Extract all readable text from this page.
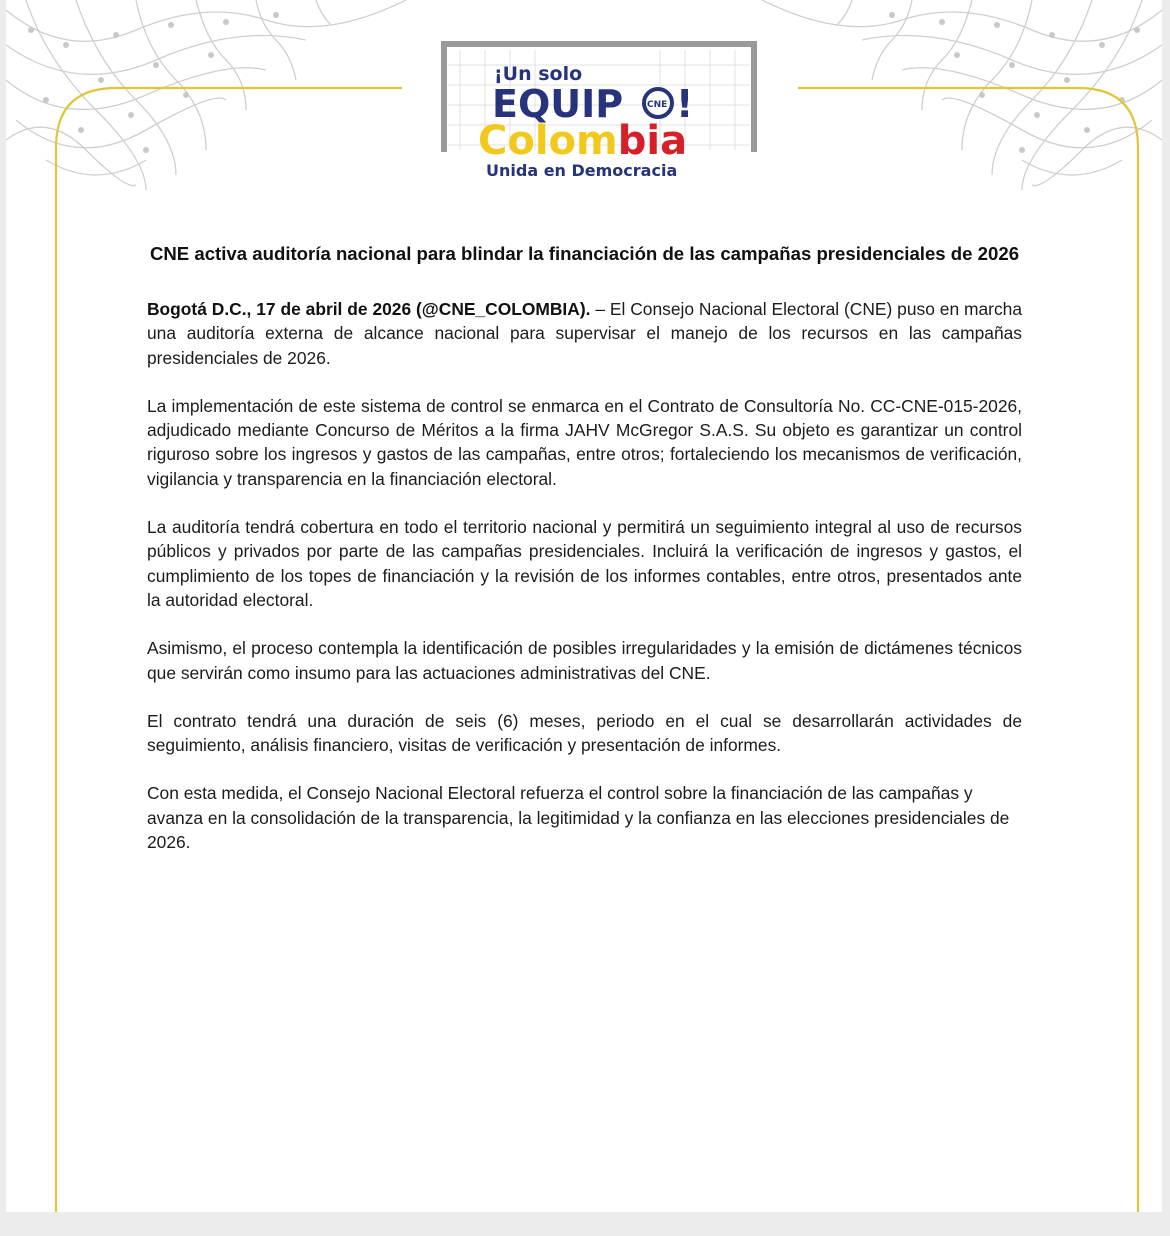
¡Un solo
EQUIP	CNE !
Colombia
Unida en Democracia
CNE activa auditoría nacional para blindar la financiación de las campañas presidenciales de 2026

Bogotá D.C., 17 de abril de 2026 (@CNE_COLOMBIA). – El Consejo Nacional Electoral (CNE) puso en marcha una auditoría externa de alcance nacional para supervisar el manejo de los recursos en las campañas presidenciales de 2026.

La implementación de este sistema de control se enmarca en el Contrato de Consultoría No. CC-CNE-015-2026, adjudicado mediante Concurso de Méritos a la firma JAHV McGregor S.A.S. Su objeto es garantizar un control riguroso sobre los ingresos y gastos de las campañas, entre otros; fortaleciendo los mecanismos de verificación, vigilancia y transparencia en la financiación electoral.

La auditoría tendrá cobertura en todo el territorio nacional y permitirá un seguimiento integral al uso de recursos públicos y privados por parte de las campañas presidenciales. Incluirá la verificación de ingresos y gastos, el cumplimiento de los topes de financiación y la revisión de los informes contables, entre otros, presentados ante la autoridad electoral.

Asimismo, el proceso contempla la identificación de posibles irregularidades y la emisión de dictámenes técnicos que servirán como insumo para las actuaciones administrativas del CNE.

El contrato tendrá una duración de seis (6) meses, periodo en el cual se desarrollarán actividades de seguimiento, análisis financiero, visitas de verificación y presentación de informes.

Con esta medida, el Consejo Nacional Electoral refuerza el control sobre la financiación de las campañas y avanza en la consolidación de la transparencia, la legitimidad y la confianza en las elecciones presidenciales de 2026.
